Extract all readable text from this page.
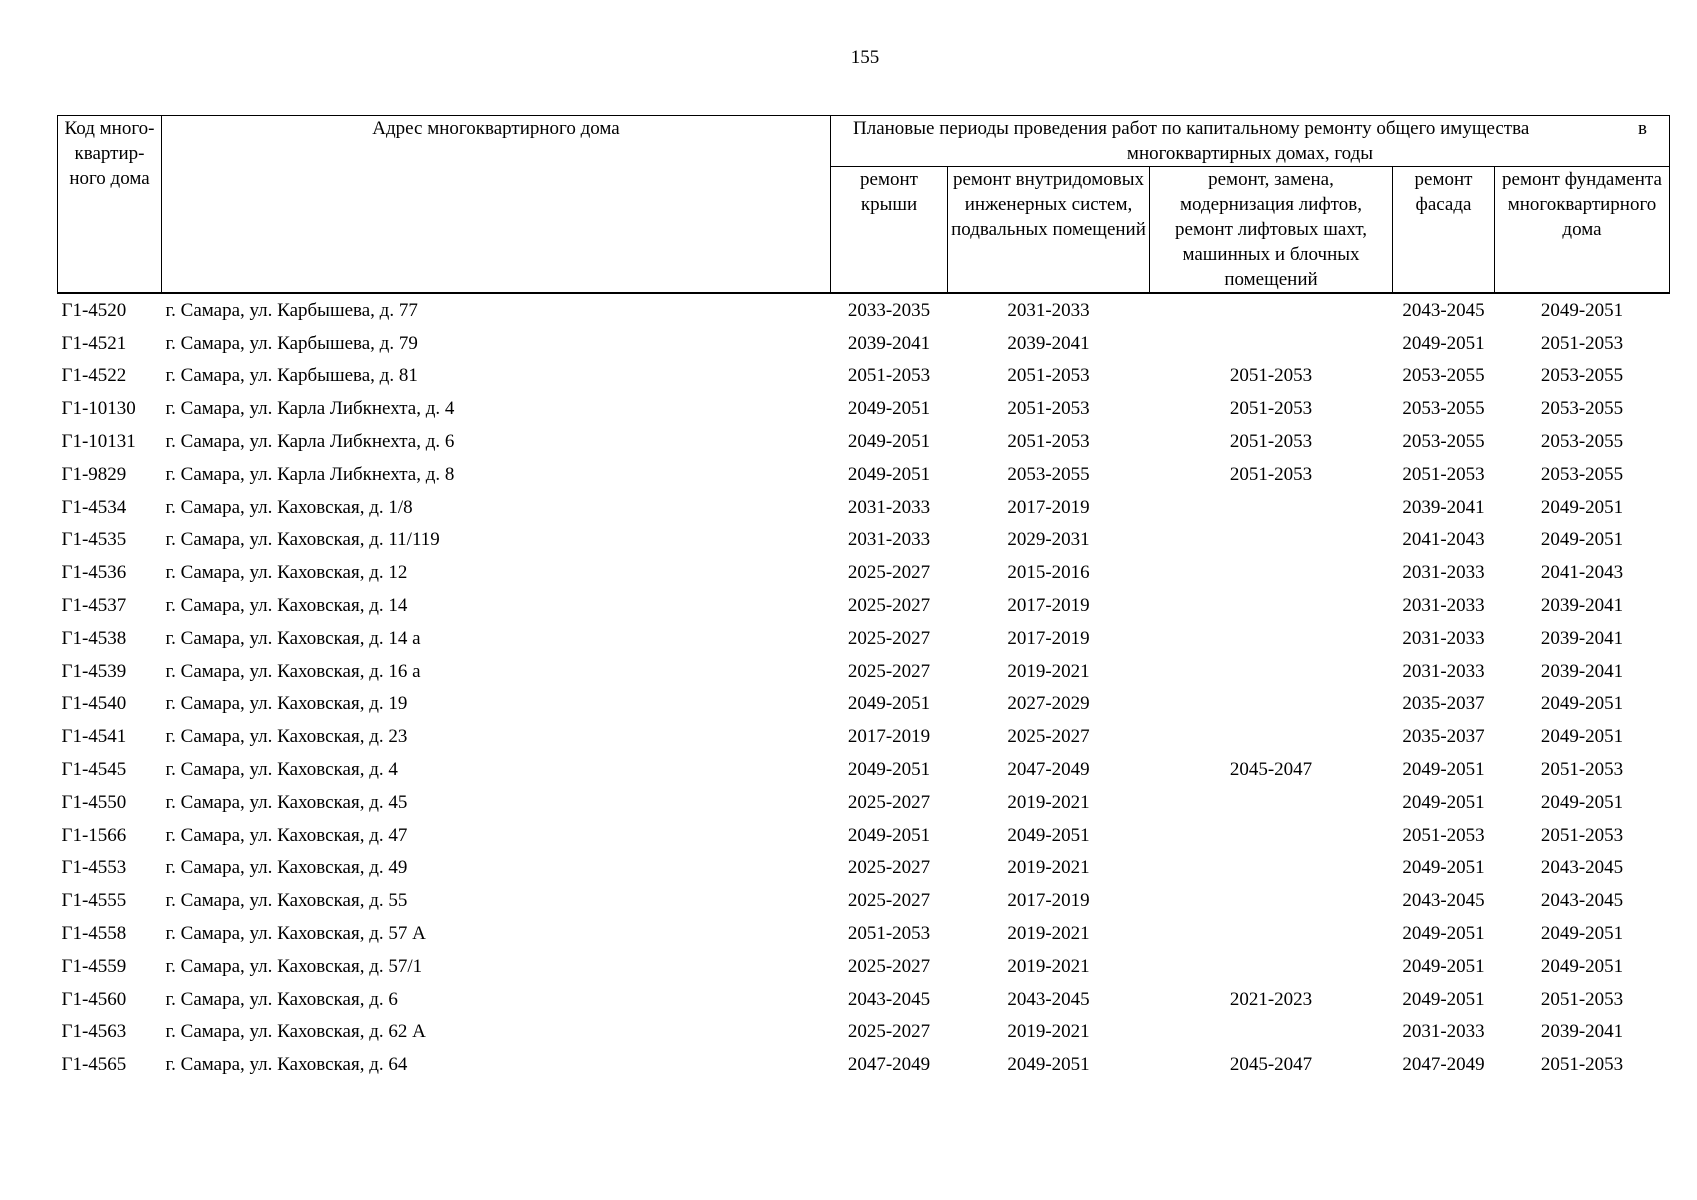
155
Код много-квартир-ного дома	Адрес многоквартирного дома	Плановые периоды проведения работ по капитальному ремонту общего имущества в
многоквартирных домах, годы				

		ремонт крыши	ремонт внутридомовых инженерных систем, подвальных помещений	ремонт, замена, модернизация лифтов, ремонт лифтовых шахт, машинных и блочных помещений	ремонт фасада	ремонт фундамента многоквартирного дома
Г1-4520	г. Самара, ул. Карбышева, д. 77	2033-2035	2031-2033		2043-2045	2049-2051
Г1-4521	г. Самара, ул. Карбышева, д. 79	2039-2041	2039-2041		2049-2051	2051-2053
Г1-4522	г. Самара, ул. Карбышева, д. 81	2051-2053	2051-2053	2051-2053	2053-2055	2053-2055
Г1-10130	г. Самара, ул. Карла Либкнехта, д. 4	2049-2051	2051-2053	2051-2053	2053-2055	2053-2055
Г1-10131	г. Самара, ул. Карла Либкнехта, д. 6	2049-2051	2051-2053	2051-2053	2053-2055	2053-2055
Г1-9829	г. Самара, ул. Карла Либкнехта, д. 8	2049-2051	2053-2055	2051-2053	2051-2053	2053-2055
Г1-4534	г. Самара, ул. Каховская, д. 1/8	2031-2033	2017-2019		2039-2041	2049-2051
Г1-4535	г. Самара, ул. Каховская, д. 11/119	2031-2033	2029-2031		2041-2043	2049-2051
Г1-4536	г. Самара, ул. Каховская, д. 12	2025-2027	2015-2016		2031-2033	2041-2043
Г1-4537	г. Самара, ул. Каховская, д. 14	2025-2027	2017-2019		2031-2033	2039-2041
Г1-4538	г. Самара, ул. Каховская, д. 14 а	2025-2027	2017-2019		2031-2033	2039-2041
Г1-4539	г. Самара, ул. Каховская, д. 16 а	2025-2027	2019-2021		2031-2033	2039-2041
Г1-4540	г. Самара, ул. Каховская, д. 19	2049-2051	2027-2029		2035-2037	2049-2051
Г1-4541	г. Самара, ул. Каховская, д. 23	2017-2019	2025-2027		2035-2037	2049-2051
Г1-4545	г. Самара, ул. Каховская, д. 4	2049-2051	2047-2049	2045-2047	2049-2051	2051-2053
Г1-4550	г. Самара, ул. Каховская, д. 45	2025-2027	2019-2021		2049-2051	2049-2051
Г1-1566	г. Самара, ул. Каховская, д. 47	2049-2051	2049-2051		2051-2053	2051-2053
Г1-4553	г. Самара, ул. Каховская, д. 49	2025-2027	2019-2021		2049-2051	2043-2045
Г1-4555	г. Самара, ул. Каховская, д. 55	2025-2027	2017-2019		2043-2045	2043-2045
Г1-4558	г. Самара, ул. Каховская, д. 57 А	2051-2053	2019-2021		2049-2051	2049-2051
Г1-4559	г. Самара, ул. Каховская, д. 57/1	2025-2027	2019-2021		2049-2051	2049-2051
Г1-4560	г. Самара, ул. Каховская, д. 6	2043-2045	2043-2045	2021-2023	2049-2051	2051-2053
Г1-4563	г. Самара, ул. Каховская, д. 62 А	2025-2027	2019-2021		2031-2033	2039-2041
Г1-4565	г. Самара, ул. Каховская, д. 64	2047-2049	2049-2051	2045-2047	2047-2049	2051-2053
